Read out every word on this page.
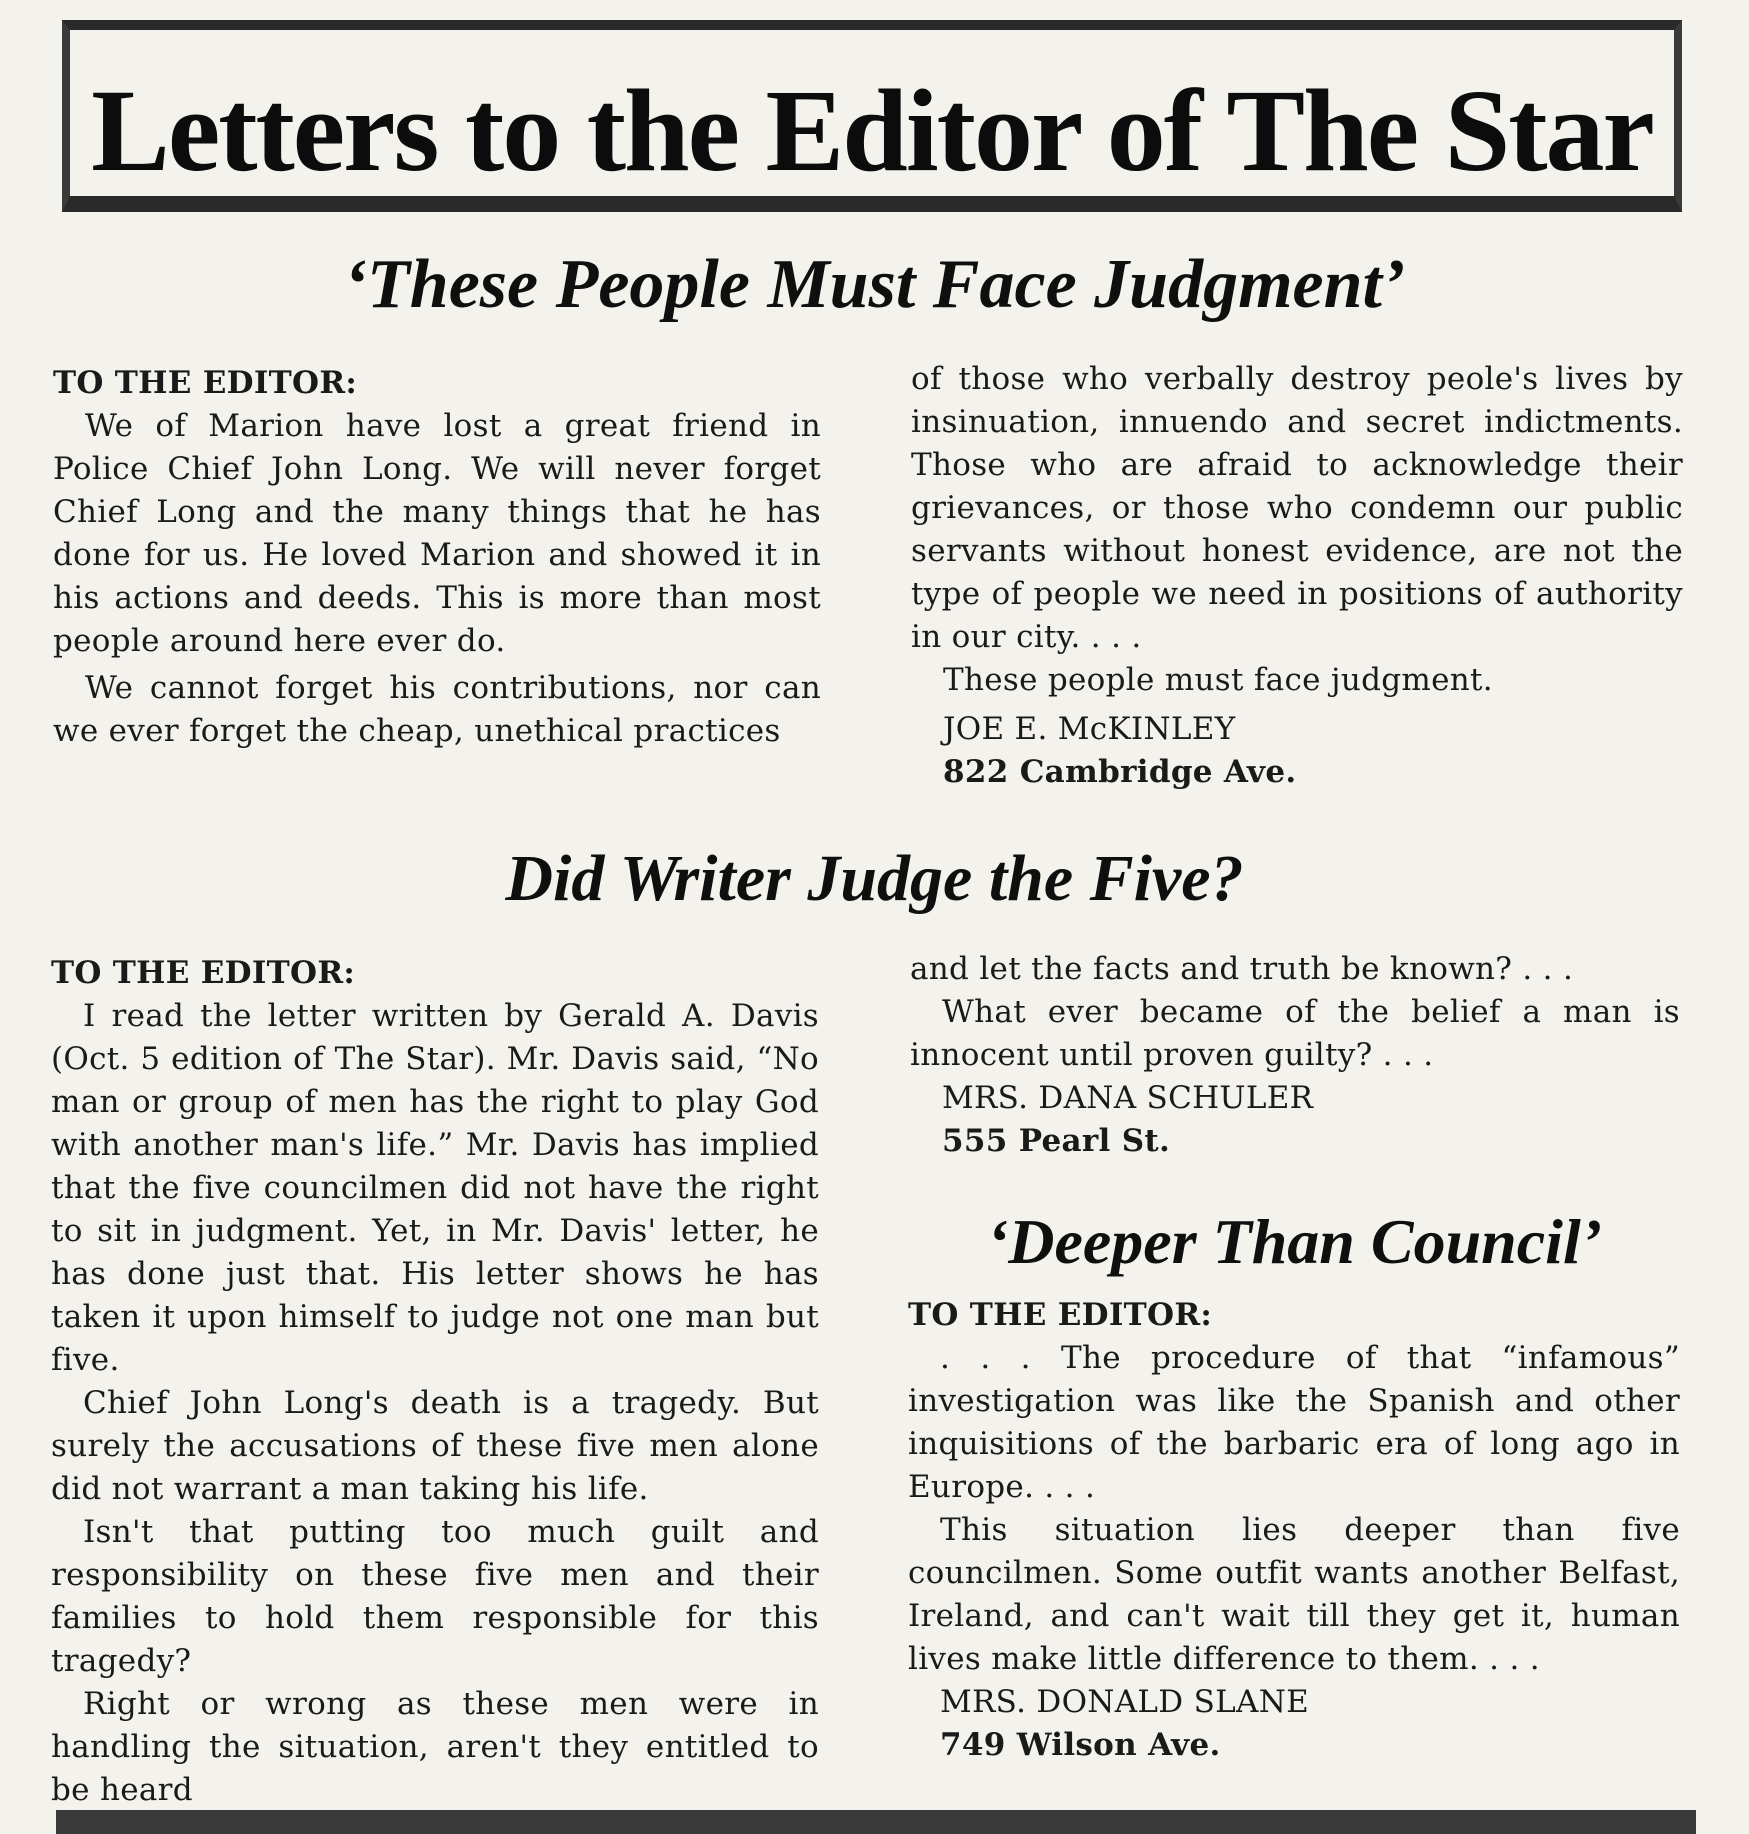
Letters to the Editor of The Star
‘These People Must Face Judgment’

TO THE EDITOR:

We of Marion have lost a great friend in Police Chief John Long. We will never forget Chief Long and the many things that he has done for us. He loved Marion and showed it in his actions and deeds. This is more than most people around here ever do.

We cannot forget his contributions, nor can we ever forget the cheap, unethical practices

of those who verbally destroy peole's lives by insinuation, innuendo and secret indictments. Those who are afraid to acknowledge their grievances, or those who condemn our public servants without honest evidence, are not the type of people we need in positions of authority in our city. . . .

These people must face judgment.

JOE E. McKINLEY

822 Cambridge Ave.

Did Writer Judge the Five?

TO THE EDITOR:

I read the letter written by Gerald A. Davis (Oct. 5 edition of The Star). Mr. Davis said, “No man or group of men has the right to play God with another man's life.” Mr. Davis has implied that the five councilmen did not have the right to sit in judgment. Yet, in Mr. Davis' letter, he has done just that. His letter shows he has taken it upon himself to judge not one man but five.

Chief John Long's death is a tragedy. But surely the accusations of these five men alone did not warrant a man taking his life.

Isn't that putting too much guilt and responsibility on these five men and their families to hold them responsible for this tragedy?

Right or wrong as these men were in handling the situation, aren't they entitled to be heard

and let the facts and truth be known? . . .

What ever became of the belief a man is innocent until proven guilty? . . .

MRS. DANA SCHULER

555 Pearl St.

‘Deeper Than Council’

TO THE EDITOR:

. . . The procedure of that “infamous” investigation was like the Spanish and other inquisitions of the barbaric era of long ago in Europe. . . .

This situation lies deeper than five councilmen. Some outfit wants another Belfast, Ireland, and can't wait till they get it, human lives make little difference to them. . . .

MRS. DONALD SLANE

749 Wilson Ave.
